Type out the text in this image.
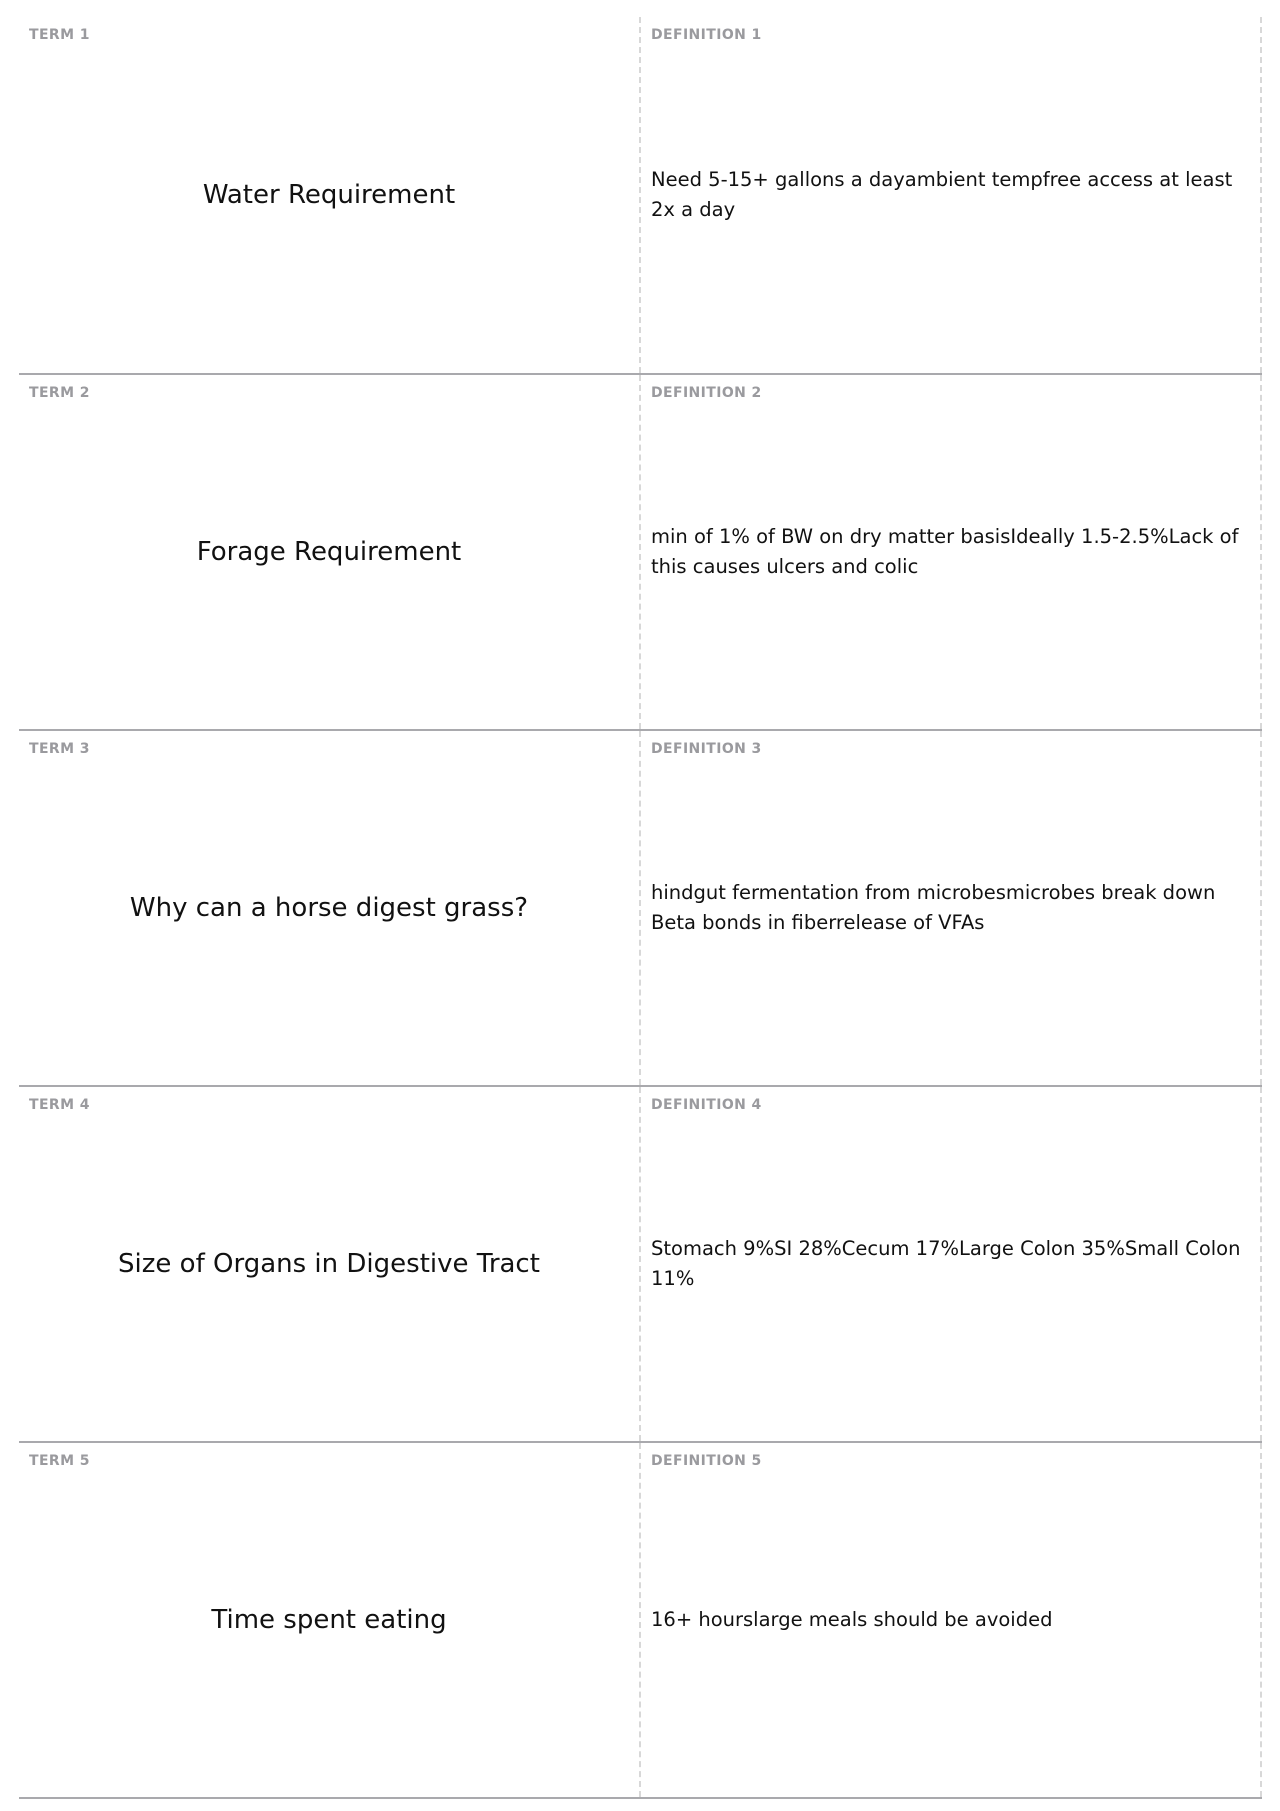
TERM 1
Water Requirement
DEFINITION 1
Need 5-15+ gallons a dayambient tempfree access at least 2x a day
TERM 2
Forage Requirement
DEFINITION 2
min of 1% of BW on dry matter basisIdeally 1.5-2.5%Lack of this causes ulcers and colic
TERM 3
Why can a horse digest grass?
DEFINITION 3
hindgut fermentation from microbesmicrobes break down Beta bonds in fiberrelease of VFAs
TERM 4
Size of Organs in Digestive Tract
DEFINITION 4
Stomach 9%SI 28%Cecum 17%Large Colon 35%Small Colon 11%
TERM 5
Time spent eating
DEFINITION 5
16+ hourslarge meals should be avoided
